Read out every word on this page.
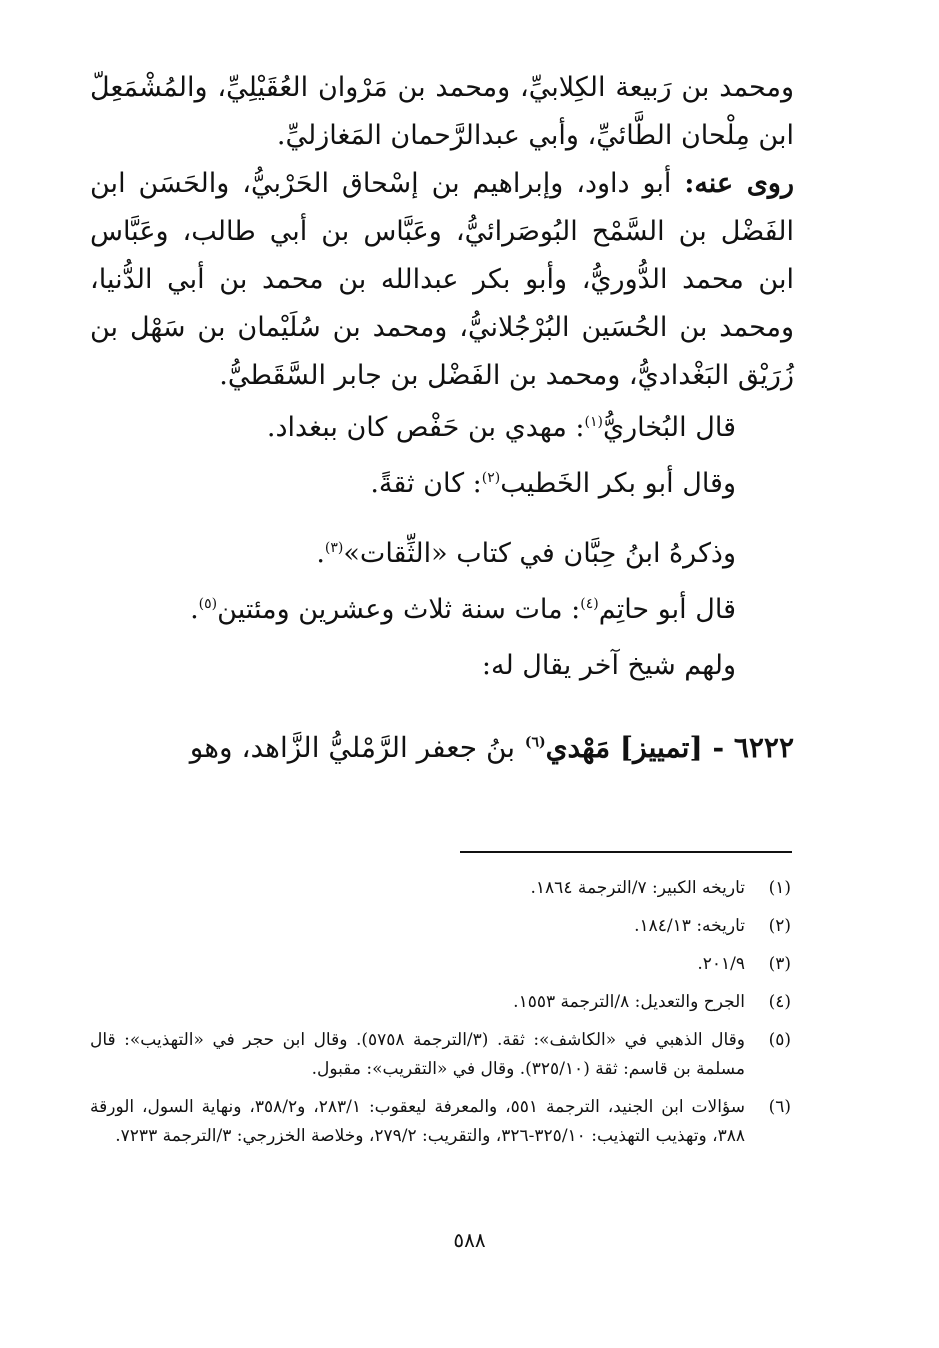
ومحمد بن رَبيعة الكِلابيِّ، ومحمد بن مَرْوان العُقَيْلِيِّ، والمُشْمَعِلّ ابن مِلْحان الطَّائيِّ، وأبي عبدالرَّحمان المَغازليِّ.

روى عنه: أبو داود، وإبراهيم بن إسْحاق الحَرْبيُّ، والحَسَن ابن الفَضْل بن السَّمْح البُوصَرائيُّ، وعَبَّاس بن أبي طالب، وعَبَّاس ابن محمد الدُّوريُّ، وأبو بكر عبدالله بن محمد بن أبي الدُّنيا، ومحمد بن الحُسَين البُرْجُلانيُّ، ومحمد بن سُلَيْمان بن سَهْل بن زُرَيْق البَغْداديُّ، ومحمد بن الفَضْل بن جابر السَّقَطيُّ.

قال البُخاريُّ$^{(١)}$: مهدي بن حَفْص كان ببغداد.

وقال أبو بكر الخَطيب$^{(٢)}$: كان ثقةً.

وذكرهُ ابنُ حِبَّان في كتاب «الثِّقات»$^{(٣)}$.

قال أبو حاتِم$^{(٤)}$: مات سنة ثلاث وعشرين ومئتين$^{(٥)}$.

ولهم شيخ آخر يقال له:

٦٢٢٢ - [تمييز] مَهْدي$^{(٦)}$ بنُ جعفر الرَّمْليُّ الزَّاهد، وهو

(١)
تاريخه الكبير: ٧/الترجمة ١٨٦٤.
(٢)
تاريخه: ١٨٤/١٣.
(٣)
٢٠١/٩.
(٤)
الجرح والتعديل: ٨/الترجمة ١٥٥٣.
(٥)
وقال الذهبي في «الكاشف»: ثقة. (٣/الترجمة ٥٧٥٨). وقال ابن حجر في «التهذيب»: قال مسلمة بن قاسم: ثقة (٣٢٥/١٠). وقال في «التقريب»: مقبول.
(٦)
سؤالات ابن الجنيد، الترجمة ٥٥١، والمعرفة ليعقوب: ٢٨٣/١، و٣٥٨/٢، ونهاية السول، الورقة ٣٨٨، وتهذيب التهذيب: ٣٢٥/١٠-٣٢٦، والتقريب: ٢٧٩/٢، وخلاصة الخزرجي: ٣/الترجمة ٧٢٣٣.
٥٨٨
